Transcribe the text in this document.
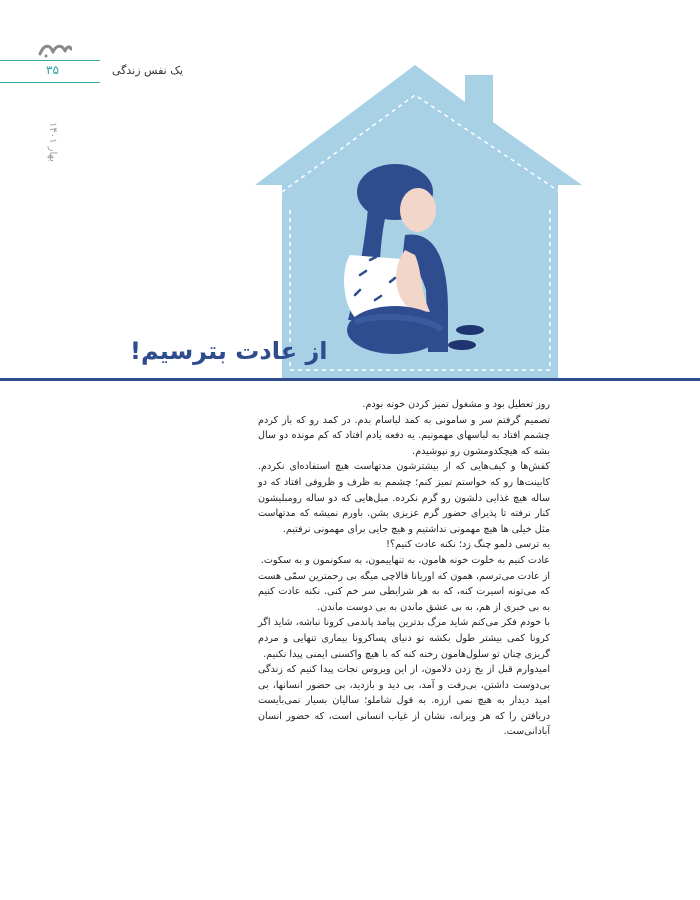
یک نفس زندگی
۳۵
بهار ۱۴۰۱
از عادت بترسیم!

روز تعطیل بود و مشغول تمیز کردن خونه بودم.

تصمیم گرفتم سر و سامونی به کمد لباسام بدم. در کمد رو که باز کردم چشمم افتاد به لباسهای مهمونیم. یه دفعه یادم افتاد که کم مونده دو سال بشه که هیچکدومشون رو نپوشیدم.

کفش‌ها و کیف‌هایی که از بیشترشون مدتهاست هیچ استفاده‌ای نکردم. کابینت‌ها رو که خواستم تمیز کنم؛ چشمم به ظرف و ظروفی افتاد که دو ساله هیچ غذایی دلشون رو گرم نکرده. مبل‌هایی که دو ساله رومبلیشون کنار نرفته تا پذیرای حضور گرم عزیزی بشن. باورم نمیشه که مدتهاست مثل خیلی ها هیچ مهمونی نداشتیم و هیچ جایی برای مهمونی نرفتیم.

یه ترسی دلمو چنگ زد؛ نکنه عادت کنیم؟!

عادت کنیم به خلوت خونه هامون، به تنهاییمون، به سکونمون و به سکوت.

از عادت می‌ترسم، همون که اوریانا فالاچی میگه بی رحمترین سمّی هست که می‌تونه اسیرت کنه، که به هر شرایطی سر خم کنی. نکنه عادت کنیم به بی خبری از هم، به بی عشق ماندن به بی دوست ماندن.

با خودم فکر می‌کنم شاید مرگ بدترین پیامد پاندمی کرونا نباشه، شاید اگر کرونا کمی بیشتر طول بکشه تو دنیای پساکرونا بیماری تنهایی و مردم گریزی چنان تو سلول‌هامون رخنه کنه که با هیچ واکسنی ایمنی پیدا نکنیم.

امیدوارم قبل از یخ زدن دلامون، از این ویروس نجات پیدا کنیم که زندگی بی‌دوست داشتن، بی‌رفت و آمد، بی دید و بازدید، بی حضور انسانها، بی امید دیدار به هیچ نمی ارزه. به قول شاملو؛ سالیان بسیار نمی‌بایست دریافتن را که هر ویرانه، نشان از غیاب انسانی است، که حضور انسان آبادانی‌ست.
